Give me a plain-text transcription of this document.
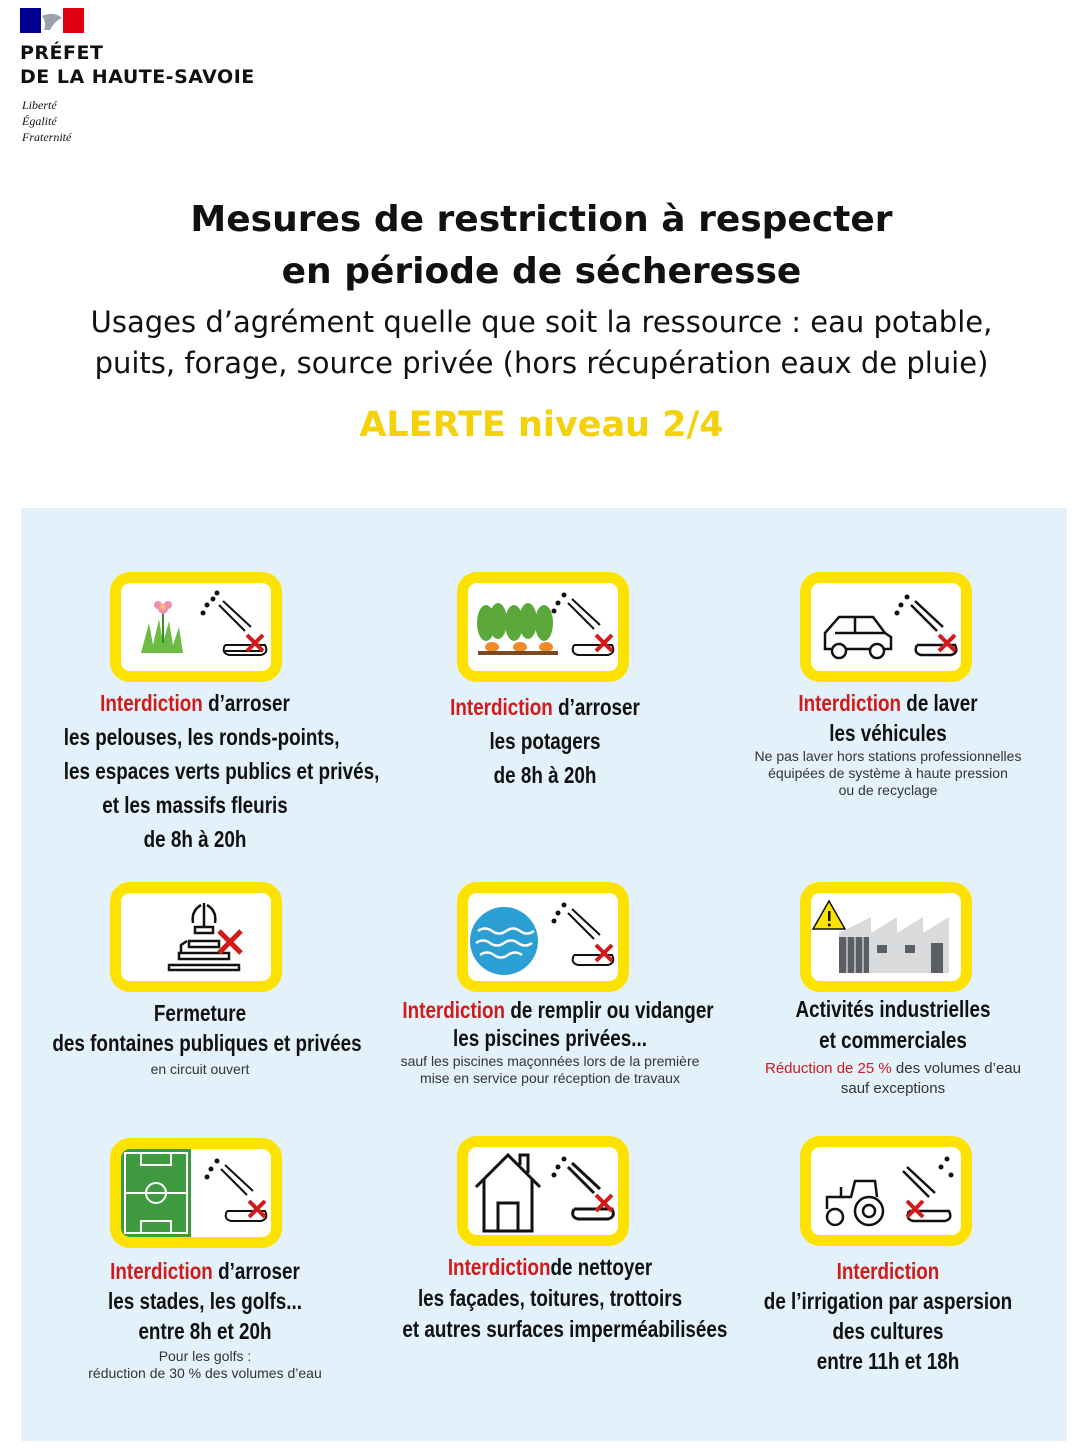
PRÉFET
DE LA HAUTE-SAVOIE
Liberté
Égalité
Fraternité
Mesures de restriction à respecter
en période de sécheresse
Usages d’agrément quelle que soit la ressource : eau potable,
puits, forage, source privée (hors récupération eaux de pluie)
ALERTE niveau 2/4
Interdiction d’arroser
les pelouses, les ronds-points,
les espaces verts publics et privés,
et les massifs fleuris
de 8h à 20h
Interdiction d’arroser
les potagers
de 8h à 20h
Interdiction de laver
les véhicules
Ne pas laver hors stations professionnelles
équipées de système à haute pression
ou de recyclage
Fermeture
des fontaines publiques et privées
en circuit ouvert
Interdiction de remplir ou vidanger
les piscines privées...
sauf les piscines maçonnées lors de la première
mise en service pour réception de travaux
Activités industrielles
et commerciales
Réduction de 25 % des volumes d’eau
sauf exceptions
Interdiction d’arroser
les stades, les golfs...
entre 8h et 20h
Pour les golfs :
réduction de 30 % des volumes d’eau
Interdictionde nettoyer
les façades, toitures, trottoirs
et autres surfaces imperméabilisées
Interdiction
de l’irrigation par aspersion
des cultures
entre 11h et 18h
